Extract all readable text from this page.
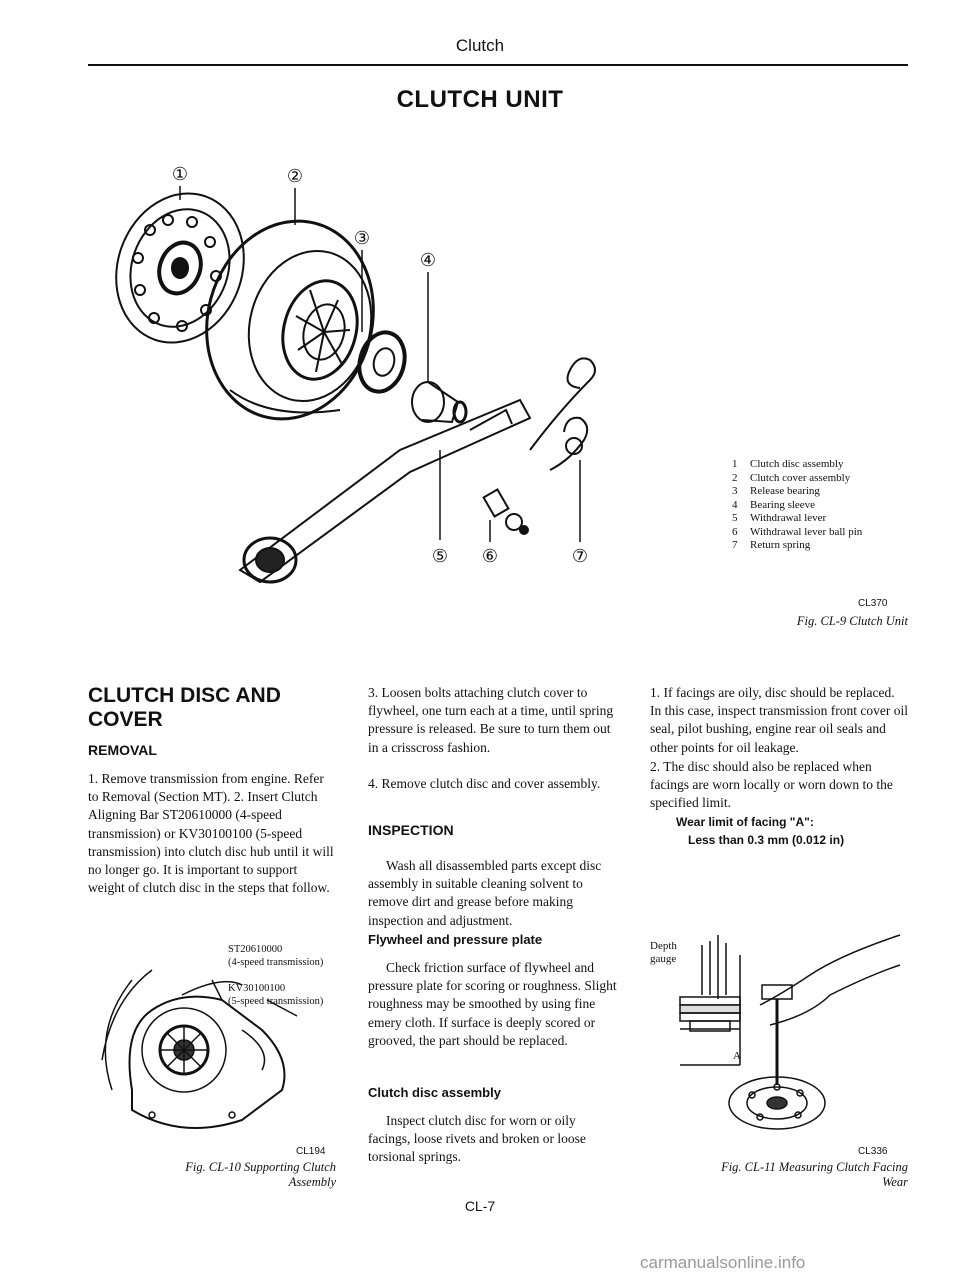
Clutch
CLUTCH UNIT
①	②
③
④
⑤ ⑥	⑦
1	Clutch disc assembly
2	Clutch cover assembly
3	Release bearing
4	Bearing sleeve
5	Withdrawal lever
6	Withdrawal lever ball pin
7	Return spring
CL370
Fig. CL-9 Clutch Unit
CLUTCH DISC AND COVER
REMOVAL
1. Remove transmission from engine. Refer to Removal (Section MT). 2. Insert Clutch Aligning Bar ST20610000 (4-speed transmission) or KV30100100 (5-speed transmission) into clutch disc hub until it will no longer go. It is important to support weight of clutch disc in the steps that follow.
ST20610000
(4-speed transmission)
KV30100100
(5-speed transmission)
CL194
Fig. CL-10 Supporting Clutch
Assembly
3. Loosen bolts attaching clutch cover to flywheel, one turn each at a time, until spring pressure is released. Be sure to turn them out in a crisscross fashion.
4. Remove clutch disc and cover assembly.
INSPECTION
Wash all disassembled parts except disc assembly in suitable cleaning solvent to remove dirt and grease before making inspection and adjustment.
Flywheel and pressure plate
Check friction surface of flywheel and pressure plate for scoring or roughness. Slight roughness may be smoothed by using fine emery cloth. If surface is deeply scored or grooved, the part should be replaced.
Clutch disc assembly
Inspect clutch disc for worn or oily facings, loose rivets and broken or loose torsional springs.
1. If facings are oily, disc should be replaced. In this case, inspect transmission front cover oil seal, pilot bushing, engine rear oil seals and other points for oil leakage.
2. The disc should also be replaced when facings are worn locally or worn down to the specified limit.
Wear limit of facing "A":
Less than 0.3 mm (0.012 in)
Depth
gauge
A
CL336
Fig. CL-11 Measuring Clutch Facing
Wear
CL-7
carmanualsonline.info
